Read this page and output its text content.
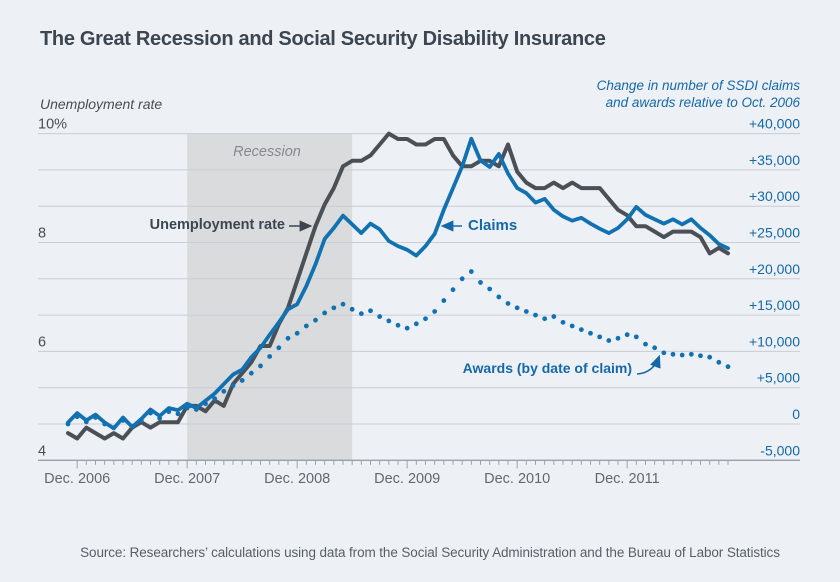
+40,000
+35,000
+30,000
+25,000
+20,000
+15,000
+10,000
+5,000
0
-5,000
10%
8
6
4
Dec. 2006	Dec. 2007	Dec. 2008	Dec. 2009	Dec. 2010	Dec. 2011
The Great Recession and Social Security Disability Insurance
Unemployment rate
Change in number of SSDI claims
and awards relative to Oct. 2006
Recession
Unemployment rate	Claims
Awards (by date of claim)
Source: Researchers’ calculations using data from the Social Security Administration and the Bureau of Labor Statistics
